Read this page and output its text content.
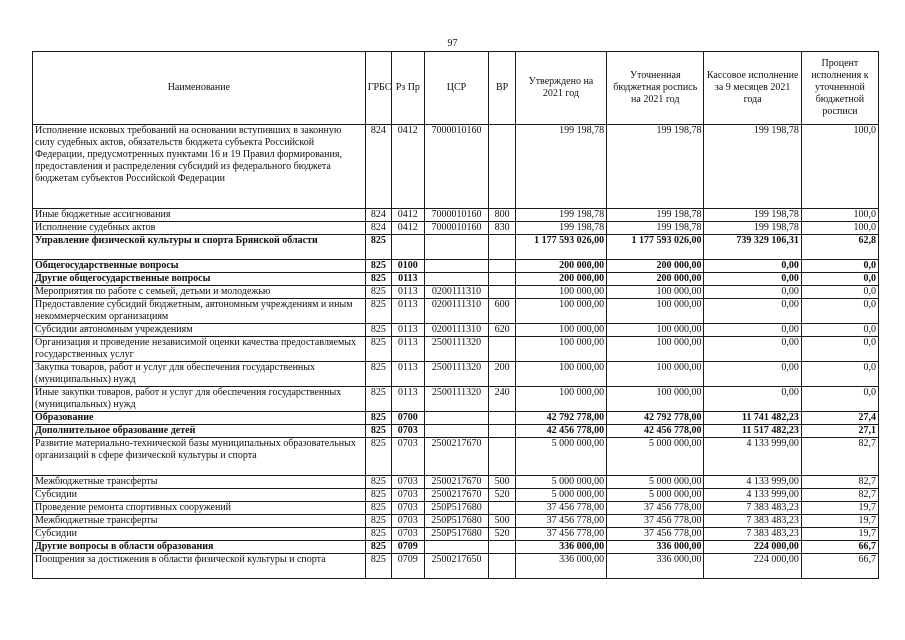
97
Наименование	ГРБС	Рз Пр	ЦСР	ВР	Утверждено на 2021 год	Уточненная бюджетная роспись на 2021 год	Кассовое исполнение за 9 месяцев 2021 года	Процент исполнения к уточненной бюджетной росписи
Исполнение исковых требований на основании вступивших в законную силу судебных актов, обязательств бюджета субъекта Российской Федерации, предусмотренных пунктами 16 и 19 Правил формирования, предоставления и распределения субсидий из федерального бюджета бюджетам субъектов Российской Федерации	824	0412	7000010160		199 198,78	199 198,78	199 198,78	100,0
Иные бюджетные ассигнования	824	0412	7000010160	800	199 198,78	199 198,78	199 198,78	100,0
Исполнение судебных актов	824	0412	7000010160	830	199 198,78	199 198,78	199 198,78	100,0
Управление физической культуры и спорта Брянской области	825				1 177 593 026,00	1 177 593 026,00	739 329 106,31	62,8
Общегосударственные вопросы	825	0100			200 000,00	200 000,00	0,00	0,0
Другие общегосударственные вопросы	825	0113			200 000,00	200 000,00	0,00	0,0
Мероприятия по работе с семьей, детьми и молодежью	825	0113	0200111310		100 000,00	100 000,00	0,00	0,0
Предоставление субсидий бюджетным, автономным учреждениям и иным некоммерческим организациям	825	0113	0200111310	600	100 000,00	100 000,00	0,00	0,0
Субсидии автономным учреждениям	825	0113	0200111310	620	100 000,00	100 000,00	0,00	0,0
Организация и проведение независимой оценки качества предоставляемых государственных услуг	825	0113	2500111320		100 000,00	100 000,00	0,00	0,0
Закупка товаров, работ и услуг для обеспечения государственных (муниципальных) нужд	825	0113	2500111320	200	100 000,00	100 000,00	0,00	0,0
Иные закупки товаров, работ и услуг для обеспечения государственных (муниципальных) нужд	825	0113	2500111320	240	100 000,00	100 000,00	0,00	0,0
Образование	825	0700			42 792 778,00	42 792 778,00	11 741 482,23	27,4
Дополнительное образование детей	825	0703			42 456 778,00	42 456 778,00	11 517 482,23	27,1
Развитие материально-технической базы муниципальных образовательных организаций в сфере физической культуры и спорта	825	0703	2500217670		5 000 000,00	5 000 000,00	4 133 999,00	82,7
Межбюджетные трансферты	825	0703	2500217670	500	5 000 000,00	5 000 000,00	4 133 999,00	82,7
Субсидии	825	0703	2500217670	520	5 000 000,00	5 000 000,00	4 133 999,00	82,7
Проведение ремонта спортивных сооружений	825	0703	250P517680		37 456 778,00	37 456 778,00	7 383 483,23	19,7
Межбюджетные трансферты	825	0703	250P517680	500	37 456 778,00	37 456 778,00	7 383 483,23	19,7
Субсидии	825	0703	250P517680	520	37 456 778,00	37 456 778,00	7 383 483,23	19,7
Другие вопросы в области образования	825	0709			336 000,00	336 000,00	224 000,00	66,7
Поощрения за достижения в области физической культуры и спорта	825	0709	2500217650		336 000,00	336 000,00	224 000,00	66,7
